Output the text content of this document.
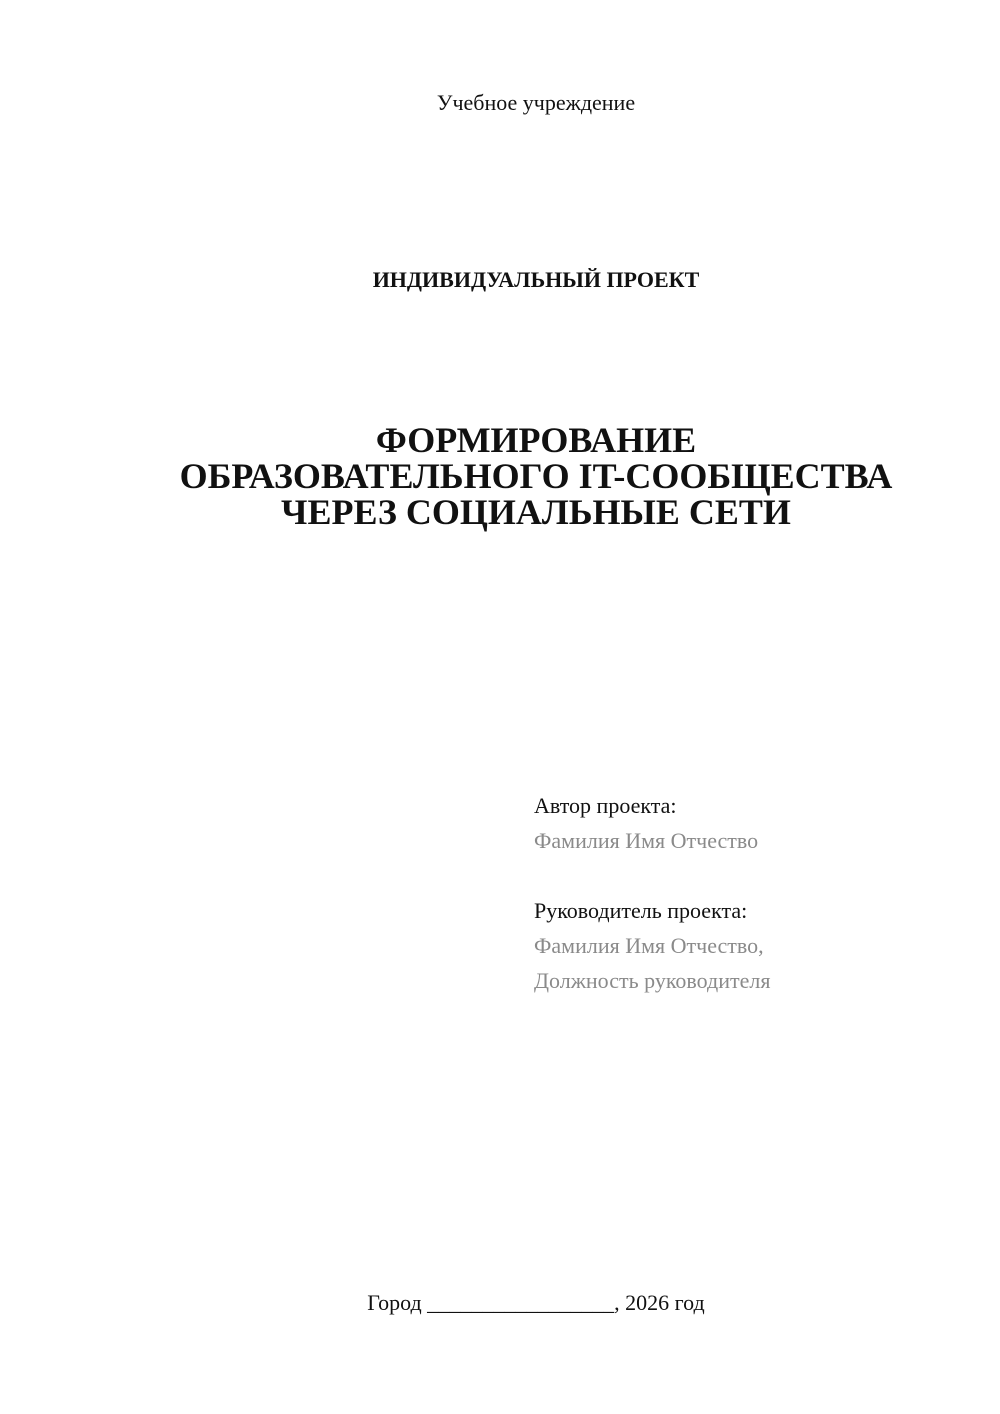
Учебное учреждение
ИНДИВИДУАЛЬНЫЙ ПРОЕКТ
ФОРМИРОВАНИЕ
ОБРАЗОВАТЕЛЬНОГО IT-СООБЩЕСТВА
ЧЕРЕЗ СОЦИАЛЬНЫЕ СЕТИ
Автор проекта:
Фамилия Имя Отчество
Руководитель проекта:
Фамилия Имя Отчество,
Должность руководителя
Город _________________, 2026 год
